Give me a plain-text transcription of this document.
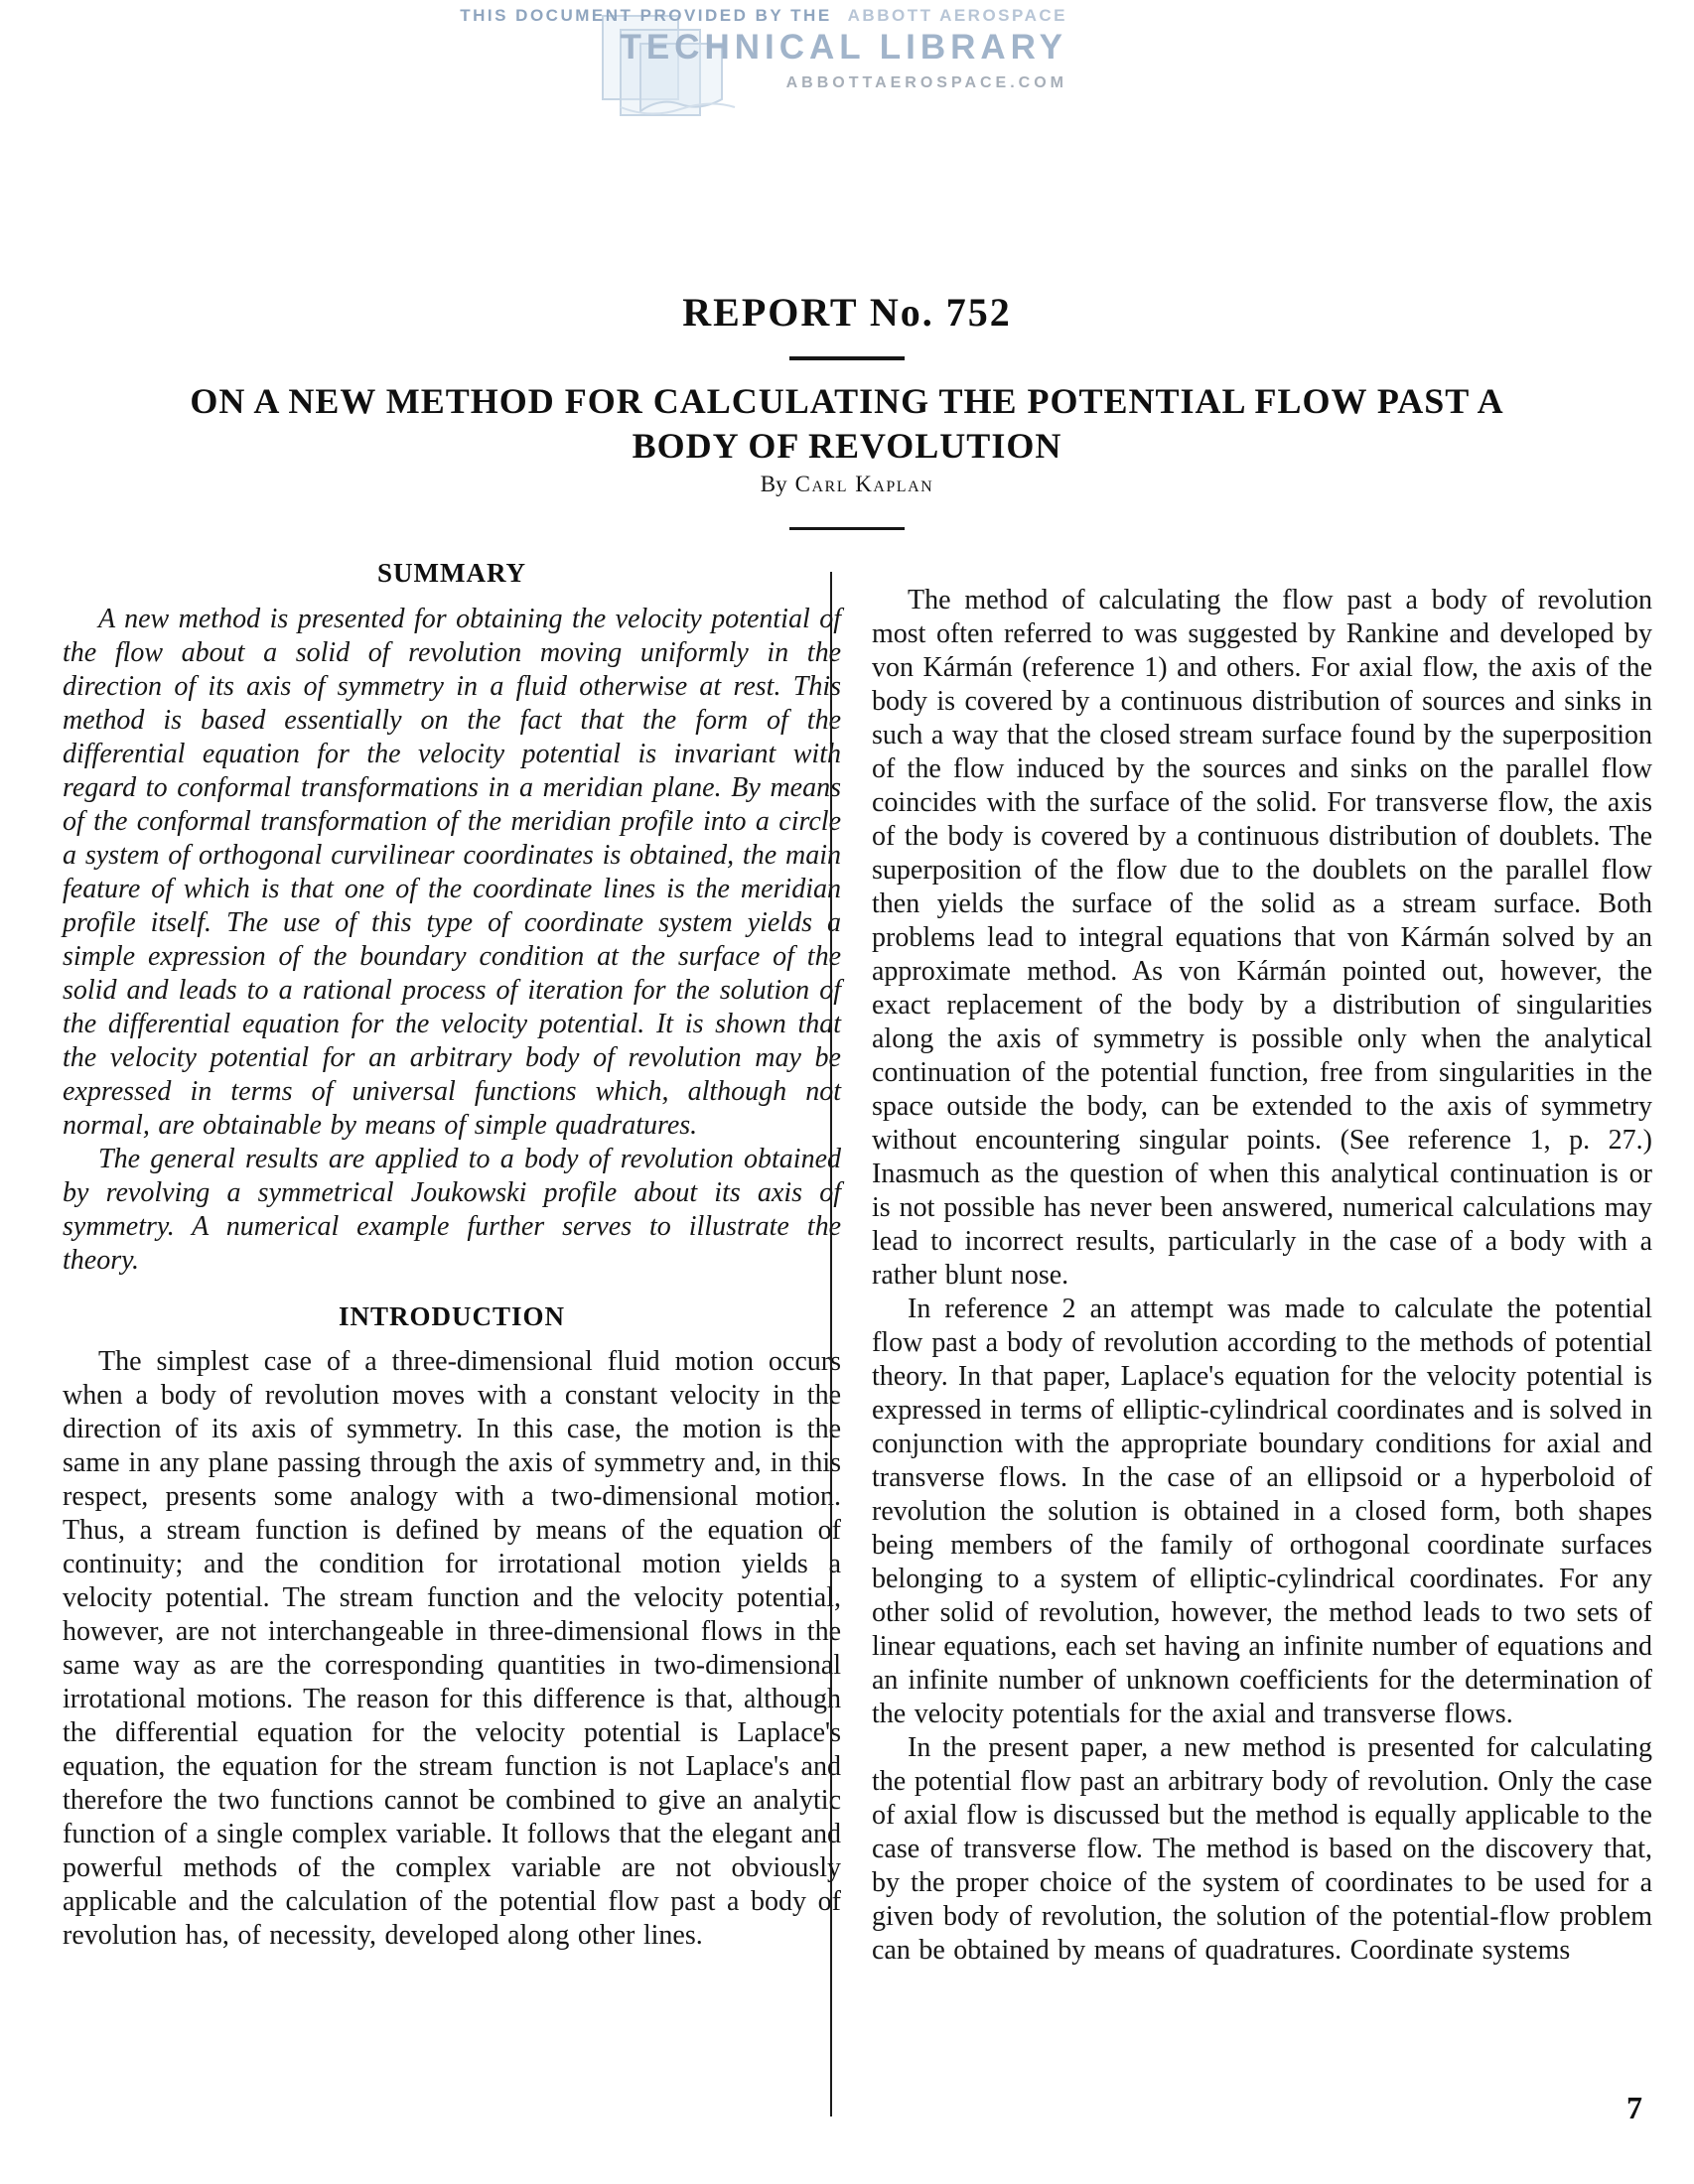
THIS DOCUMENT PROVIDED BY THE ABBOTT AEROSPACE
TECHNICAL LIBRARY
ABBOTTAEROSPACE.COM
REPORT No. 752
ON A NEW METHOD FOR CALCULATING THE POTENTIAL FLOW PAST A BODY OF REVOLUTION
By Carl Kaplan
SUMMARY

A new method is presented for obtaining the velocity potential of the flow about a solid of revolution moving uniformly in the direction of its axis of symmetry in a fluid otherwise at rest. This method is based essentially on the fact that the form of the differential equation for the velocity potential is invariant with regard to conformal transformations in a meridian plane. By means of the conformal transformation of the meridian profile into a circle a system of orthogonal curvilinear coordinates is obtained, the main feature of which is that one of the coordinate lines is the meridian profile itself. The use of this type of coordinate system yields a simple expression of the boundary condition at the surface of the solid and leads to a rational process of iteration for the solution of the differential equation for the velocity potential. It is shown that the velocity potential for an arbitrary body of revolution may be expressed in terms of universal functions which, although not normal, are obtainable by means of simple quadratures.

The general results are applied to a body of revolution obtained by revolving a symmetrical Joukowski profile about its axis of symmetry. A numerical example further serves to illustrate the theory.

INTRODUCTION

The simplest case of a three-dimensional fluid motion occurs when a body of revolution moves with a constant velocity in the direction of its axis of symmetry. In this case, the motion is the same in any plane passing through the axis of symmetry and, in this respect, presents some analogy with a two-dimensional motion. Thus, a stream function is defined by means of the equation of continuity; and the condition for irrotational motion yields a velocity potential. The stream function and the velocity potential, however, are not interchangeable in three-dimensional flows in the same way as are the corresponding quantities in two-dimensional irrotational motions. The reason for this difference is that, although the differential equation for the velocity potential is Laplace's equation, the equation for the stream function is not Laplace's and therefore the two functions cannot be combined to give an analytic function of a single complex variable. It follows that the elegant and powerful methods of the complex variable are not obviously applicable and the calculation of the potential flow past a body of revolution has, of necessity, developed along other lines.

The method of calculating the flow past a body of revolution most often referred to was suggested by Rankine and developed by von Kármán (reference 1) and others. For axial flow, the axis of the body is covered by a continuous distribution of sources and sinks in such a way that the closed stream surface found by the superposition of the flow induced by the sources and sinks on the parallel flow coincides with the surface of the solid. For transverse flow, the axis of the body is covered by a continuous distribution of doublets. The superposition of the flow due to the doublets on the parallel flow then yields the surface of the solid as a stream surface. Both problems lead to integral equations that von Kármán solved by an approximate method. As von Kármán pointed out, however, the exact replacement of the body by a distribution of singularities along the axis of symmetry is possible only when the analytical continuation of the potential function, free from singularities in the space outside the body, can be extended to the axis of symmetry without encountering singular points. (See reference 1, p. 27.) Inasmuch as the question of when this analytical continuation is or is not possible has never been answered, numerical calculations may lead to incorrect results, particularly in the case of a body with a rather blunt nose.

In reference 2 an attempt was made to calculate the potential flow past a body of revolution according to the methods of potential theory. In that paper, Laplace's equation for the velocity potential is expressed in terms of elliptic-cylindrical coordinates and is solved in conjunction with the appropriate boundary conditions for axial and transverse flows. In the case of an ellipsoid or a hyperboloid of revolution the solution is obtained in a closed form, both shapes being members of the family of orthogonal coordinate surfaces belonging to a system of elliptic-cylindrical coordinates. For any other solid of revolution, however, the method leads to two sets of linear equations, each set having an infinite number of equations and an infinite number of unknown coefficients for the determination of the velocity potentials for the axial and transverse flows.

In the present paper, a new method is presented for calculating the potential flow past an arbitrary body of revolution. Only the case of axial flow is discussed but the method is equally applicable to the case of transverse flow. The method is based on the discovery that, by the proper choice of the system of coordinates to be used for a given body of revolution, the solution of the potential-flow problem can be obtained by means of quadratures. Coordinate systems

7
